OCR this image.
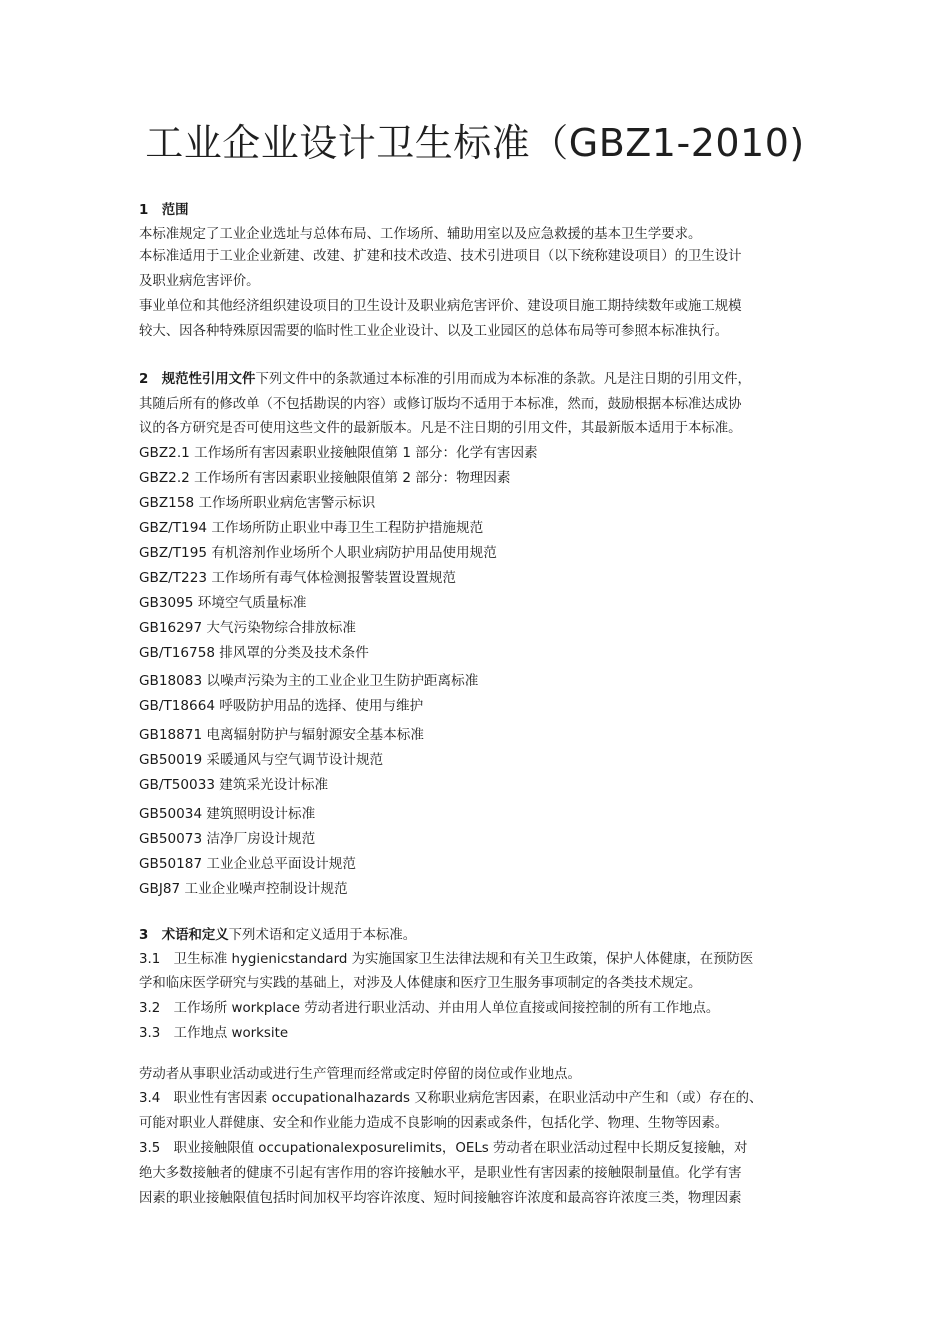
工业企业设计卫生标准（GBZ1-2010)
1　范围
本标准规定了工业企业选址与总体布局、工作场所、辅助用室以及应急救援的基本卫生学要求。
本标准适用于工业企业新建、改建、扩建和技术改造、技术引进项目（以下统称建设项目）的卫生设计
及职业病危害评价。
事业单位和其他经济组织建设项目的卫生设计及职业病危害评价、建设项目施工期持续数年或施工规模
较大、因各种特殊原因需要的临时性工业企业设计、以及工业园区的总体布局等可参照本标准执行。
2　规范性引用文件下列文件中的条款通过本标准的引用而成为本标准的条款。凡是注日期的引用文件，
其随后所有的修改单（不包括勘误的内容）或修订版均不适用于本标准，然而，鼓励根据本标准达成协
议的各方研究是否可使用这些文件的最新版本。凡是不注日期的引用文件，其最新版本适用于本标准。
GBZ2.1 工作场所有害因素职业接触限值第 1 部分：化学有害因素
GBZ2.2 工作场所有害因素职业接触限值第 2 部分：物理因素
GBZ158 工作场所职业病危害警示标识
GBZ/T194 工作场所防止职业中毒卫生工程防护措施规范
GBZ/T195 有机溶剂作业场所个人职业病防护用品使用规范
GBZ/T223 工作场所有毒气体检测报警装置设置规范
GB3095 环境空气质量标准
GB16297 大气污染物综合排放标准
GB/T16758 排风罩的分类及技术条件
GB18083 以噪声污染为主的工业企业卫生防护距离标准
GB/T18664 呼吸防护用品的选择、使用与维护
GB18871 电离辐射防护与辐射源安全基本标准
GB50019 采暖通风与空气调节设计规范
GB/T50033 建筑采光设计标准
GB50034 建筑照明设计标准
GB50073 洁净厂房设计规范
GB50187 工业企业总平面设计规范
GBJ87 工业企业噪声控制设计规范
3　术语和定义下列术语和定义适用于本标准。
3.1　卫生标准 hygienicstandard 为实施国家卫生法律法规和有关卫生政策，保护人体健康，在预防医
学和临床医学研究与实践的基础上，对涉及人体健康和医疗卫生服务事项制定的各类技术规定。
3.2　工作场所 workplace 劳动者进行职业活动、并由用人单位直接或间接控制的所有工作地点。
3.3　工作地点 worksite
劳动者从事职业活动或进行生产管理而经常或定时停留的岗位或作业地点。
3.4　职业性有害因素 occupationalhazards 又称职业病危害因素，在职业活动中产生和（或）存在的、
可能对职业人群健康、安全和作业能力造成不良影响的因素或条件，包括化学、物理、生物等因素。
3.5　职业接触限值 occupationalexposurelimits，OELs 劳动者在职业活动过程中长期反复接触，对
绝大多数接触者的健康不引起有害作用的容许接触水平，是职业性有害因素的接触限制量值。化学有害
因素的职业接触限值包括时间加权平均容许浓度、短时间接触容许浓度和最高容许浓度三类，物理因素
